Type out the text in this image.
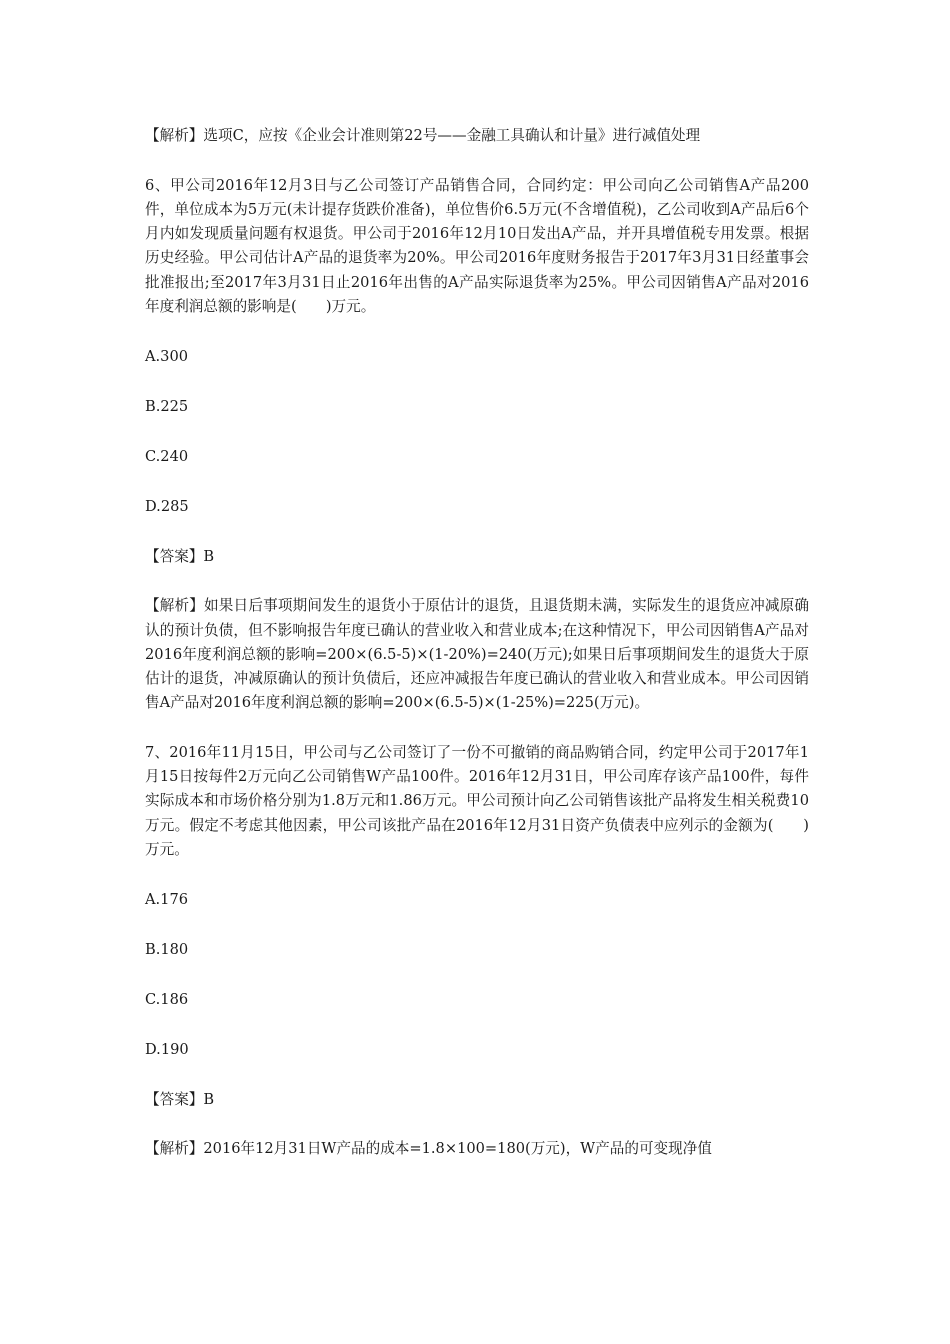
【解析】选项C，应按《企业会计准则第22号——金融工具确认和计量》进行减值处理

6、甲公司2016年12月3日与乙公司签订产品销售合同，合同约定：甲公司向乙公司销售A产品200件，单位成本为5万元(未计提存货跌价准备)，单位售价6.5万元(不含增值税)，乙公司收到A产品后6个月内如发现质量问题有权退货。甲公司于2016年12月10日发出A产品，并开具增值税专用发票。根据历史经验。甲公司估计A产品的退货率为20%。甲公司2016年度财务报告于2017年3月31日经董事会批准报出;至2017年3月31日止2016年出售的A产品实际退货率为25%。甲公司因销售A产品对2016年度利润总额的影响是(　　)万元。

A.300

B.225

C.240

D.285

【答案】B

【解析】如果日后事项期间发生的退货小于原估计的退货，且退货期未满，实际发生的退货应冲减原确认的预计负债，但不影响报告年度已确认的营业收入和营业成本;在这种情况下，甲公司因销售A产品对2016年度利润总额的影响=200×(6.5-5)×(1-20%)=240(万元);如果日后事项期间发生的退货大于原估计的退货，冲减原确认的预计负债后，还应冲减报告年度已确认的营业收入和营业成本。甲公司因销售A产品对2016年度利润总额的影响=200×(6.5-5)×(1-25%)=225(万元)。

7、2016年11月15日，甲公司与乙公司签订了一份不可撤销的商品购销合同，约定甲公司于2017年1月15日按每件2万元向乙公司销售W产品100件。2016年12月31日，甲公司库存该产品100件，每件实际成本和市场价格分别为1.8万元和1.86万元。甲公司预计向乙公司销售该批产品将发生相关税费10万元。假定不考虑其他因素，甲公司该批产品在2016年12月31日资产负债表中应列示的金额为(　　)万元。

A.176

B.180

C.186

D.190

【答案】B

【解析】2016年12月31日W产品的成本=1.8×100=180(万元)，W产品的可变现净值
